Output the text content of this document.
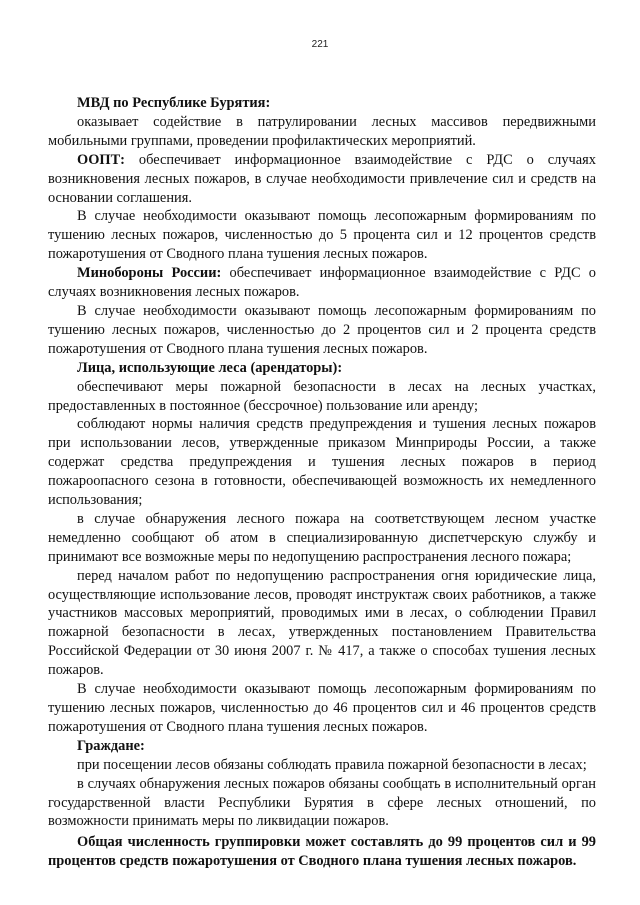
221

МВД по Республике Бурятия:

оказывает содействие в патрулировании лесных массивов передвижными мобильными группами, проведении профилактических мероприятий.

ООПТ: обеспечивает информационное взаимодействие с РДС о случаях возникновения лесных пожаров, в случае необходимости привлечение сил и средств на основании соглашения.

В случае необходимости оказывают помощь лесопожарным формированиям по тушению лесных пожаров, численностью до 5 процента сил и 12 процентов средств пожаротушения от Сводного плана тушения лесных пожаров.

Минобороны России: обеспечивает информационное взаимодействие с РДС о случаях возникновения лесных пожаров.

В случае необходимости оказывают помощь лесопожарным формированиям по тушению лесных пожаров, численностью до 2 процентов сил и 2 процента средств пожаротушения от Сводного плана тушения лесных пожаров.

Лица, использующие леса (арендаторы):

обеспечивают меры пожарной безопасности в лесах на лесных участках, предоставленных в постоянное (бессрочное) пользование или аренду;

соблюдают нормы наличия средств предупреждения и тушения лесных пожаров при использовании лесов, утвержденные приказом Минприроды России, а также содержат средства предупреждения и тушения лесных пожаров в период пожароопасного сезона в готовности, обеспечивающей возможность их немедленного использования;

в случае обнаружения лесного пожара на соответствующем лесном участке немедленно сообщают об атом в специализированную диспетчерскую службу и принимают все возможные меры по недопущению распространения лесного пожара;

перед началом работ по недопущению распространения огня юридические лица, осуществляющие использование лесов, проводят инструктаж своих работников, а также участников массовых мероприятий, проводимых ими в лесах, о соблюдении Правил пожарной безопасности в лесах, утвержденных постановлением Правительства Российской Федерации от 30 июня 2007 г. № 417, а также о способах тушения лесных пожаров.

В случае необходимости оказывают помощь лесопожарным формированиям по тушению лесных пожаров, численностью до 46 процентов сил и 46 процентов средств пожаротушения от Сводного плана тушения лесных пожаров.

Граждане:

при посещении лесов обязаны соблюдать правила пожарной безопасности в лесах;

в случаях обнаружения лесных пожаров обязаны сообщать в исполнительный орган государственной власти Республики Бурятия в сфере лесных отношений, по возможности принимать меры по ликвидации пожаров.

Общая численность группировки может составлять до 99 процентов сил и 99 процентов средств пожаротушения от Сводного плана тушения лесных пожаров.
